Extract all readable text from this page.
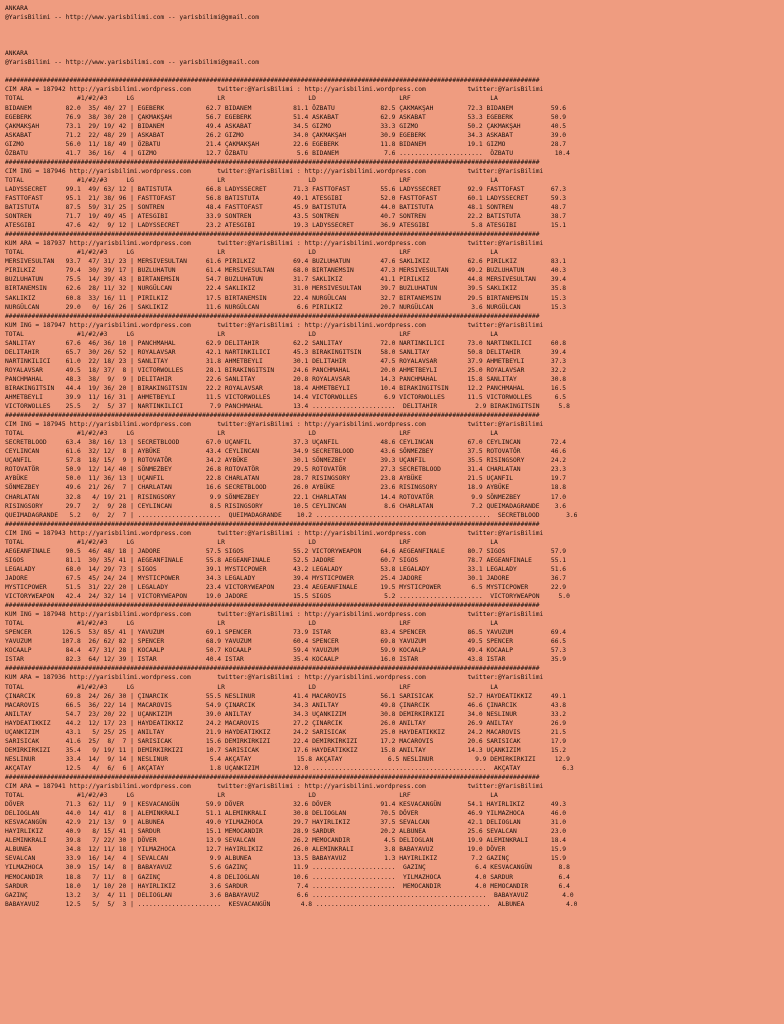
ANKARA
@YarisBilimi -- http://www.yarisbilimi.com -- yarisbilimi@gmail.com

ANKARA
@YarisBilimi -- http://www.yarisbilimi.com -- yarisbilimi@gmail.com

#############################################################################################################################################
CIM ARA = 187942 http://yarisbilimi.wordpress.com       twitter:@YarisBilimi : http://yarisbilimi.wordpress.com           twitter:@YarisBilimi
TOTAL              #1/#2/#3     LG                      LR                      LD                      LRF                     LA
BIDANEM         82.0  35/ 40/ 27 | EGEBERK           62.7 BIDANEM           81.1 ÖZBATU            82.5 ÇAKMAKŞAH         72.3 BIDANEM          59.6
EGEBERK         76.9  38/ 30/ 20 | ÇAKMAKŞAH         56.7 EGEBERK           51.4 ASKABAT           62.9 ASKABAT           53.3 EGEBERK          50.9
ÇAKMAKŞAH       73.1  29/ 19/ 42 | BIDANEM           49.4 ASKABAT           34.5 GIZMO             33.3 GIZMO             50.2 ÇAKMAKŞAH        40.5
ASKABAT         71.2  22/ 48/ 29 | ASKABAT           26.2 GIZMO             34.0 ÇAKMAKŞAH         30.9 EGEBERK           34.3 ASKABAT          39.0
GIZMO           56.0  11/ 18/ 49 | ÖZBATU            21.4 ÇAKMAKŞAH         22.6 EGEBERK           11.8 BIDANEM           19.1 GIZMO            28.7
ÖZBATU          41.7  36/ 16/  4 | GIZMO             12.7 ÖZBATU             5.6 BIDANEM            7.6 ......................  ÖZBATU           10.4
#############################################################################################################################################
CIM ING = 187946 http://yarisbilimi.wordpress.com       twitter:@YarisBilimi : http://yarisbilimi.wordpress.com           twitter:@YarisBilimi
TOTAL              #1/#2/#3     LG                      LR                      LD                      LRF                     LA
LADYSSECRET     99.1  49/ 63/ 12 | BATISTUTA         66.8 LADYSSECRET       71.3 FASTTOFAST        55.6 LADYSSECRET       92.9 FASTTOFAST       67.3
FASTTOFAST      95.1  21/ 38/ 96 | FASTTOFAST        56.8 BATISTUTA         49.1 ATESGIBI          52.0 FASTTOFAST        60.1 LADYSSECRET      59.3
BATISTUTA       87.5  59/ 31/ 25 | SONTREN           48.4 FASTTOFAST        45.9 BATISTUTA         44.0 BATISTUTA         48.1 SONTREN          48.7
SONTREN         71.7  19/ 49/ 45 | ATESGIBI          33.9 SONTREN           43.5 SONTREN           40.7 SONTREN           22.2 BATISTUTA        38.7
ATESGIBI        47.6  42/  9/ 12 | LADYSSECRET       23.2 ATESGIBI          19.3 LADYSSECRET       36.9 ATESGIBI           5.8 ATESGIBI         15.1
#############################################################################################################################################
KUM ARA = 187937 http://yarisbilimi.wordpress.com       twitter:@YarisBilimi : http://yarisbilimi.wordpress.com           twitter:@YarisBilimi
TOTAL              #1/#2/#3     LG                      LR                      LD                      LRF                     LA
MERSIVESULTAN   93.7  47/ 31/ 23 | MERSIVESULTAN     61.6 PIRILKIZ          69.4 BUZLUHATUN        47.6 SAKLIKIZ          62.6 PIRILKIZ         83.1
PIRILKIZ        79.4  30/ 39/ 17 | BUZLUHATUN        61.4 MERSIVESULTAN     68.0 BIRTANEMSIN       47.3 MERSIVESULTAN     49.2 BUZLUHATUN       40.3
BUZLUHATUN      75.5  14/ 39/ 43 | BIRTANEMSIN       54.7 BUZLUHATUN        31.7 SAKLIKIZ          41.1 PIRILKIZ          44.8 MERSIVESULTAN    39.4
BIRTANEMSIN     62.6  28/ 11/ 32 | NURGÜLCAN         22.4 SAKLIKIZ          31.0 MERSIVESULTAN     39.7 BUZLUHATUN        39.5 SAKLIKIZ         35.8
SAKLIKIZ        60.8  33/ 16/ 11 | PIRILKIZ          17.5 BIRTANEMSIN       22.4 NURGÜLCAN         32.7 BIRTANEMSIN       29.5 BIRTANEMSIN      15.3
NURGÜLCAN       29.0   0/ 16/ 26 | SAKLIKIZ          11.6 NURGÜLCAN          6.6 PIRILKIZ          20.7 NURGÜLCAN          3.6 NURGÜLCAN        15.3
#############################################################################################################################################
KUM ING = 187947 http://yarisbilimi.wordpress.com       twitter:@YarisBilimi : http://yarisbilimi.wordpress.com           twitter:@YarisBilimi
TOTAL              #1/#2/#3     LG                      LR                      LD                      LRF                     LA
SANLITAY        67.6  46/ 36/ 10 | PANCHMAHAL        62.9 DELITAHIR         62.2 SANLITAY          72.0 NARTINKILICI      73.0 NARTINKILICI     60.8
DELITAHIR       65.7  30/ 26/ 52 | ROYALAVSAR        42.1 NARTINKILICI      45.3 BIRAKINGITSIN     58.0 SANLITAY          50.8 DELITAHIR        39.4
NARTINKILICI    61.0  22/ 18/ 23 | SANLITAY          31.8 AHMETBEYLI        30.1 DELITAHIR         47.5 ROYALAVSAR        37.9 AHMETBEYLI       37.3
ROYALAVSAR      49.5  18/ 37/  8 | VICTORWOLLES      28.1 BIRAKINGITSIN     24.6 PANCHMAHAL        20.0 AHMETBEYLI        25.0 ROYALAVSAR       32.2
PANCHMAHAL      48.3  38/  9/  9 | DELITAHIR         22.6 SANLITAY          20.8 ROYALAVSAR        14.3 PANCHMAHAL        15.8 SANLITAY         30.8
BIRAKINGITSIN   44.4  19/ 36/ 20 | BIRAKINGITSIN     22.2 ROYALAVSAR        18.4 AHMETBEYLI        10.4 BIRAKINGITSIN     12.2 PANCHMAHAL       16.5
AHMETBEYLI      39.9  11/ 16/ 31 | AHMETBEYLI        11.5 VICTORWOLLES      14.4 VICTORWOLLES       6.9 VICTORWOLLES      11.5 VICTORWOLLES      6.5
VICTORWOLLES    25.5   2/  5/ 37 | NARTINKILICI       7.9 PANCHMAHAL        13.4 ......................  DELITAHIR          2.9 BIRAKINGITSIN     5.8
#############################################################################################################################################
CIM ING = 187945 http://yarisbilimi.wordpress.com       twitter:@YarisBilimi : http://yarisbilimi.wordpress.com           twitter:@YarisBilimi
TOTAL              #1/#2/#3     LG                      LR                      LD                      LRF                     LA
SECRETBLOOD     63.4  38/ 16/ 13 | SECRETBLOOD       67.0 UÇANFIL           37.3 UÇANFIL           48.6 CEYLINCAN         67.0 CEYLINCAN        72.4
CEYLINCAN       61.6  32/ 12/  8 | AYBÜKE            43.4 CEYLINCAN         34.9 SECRETBLOOD       43.6 SÖNMEZBEY         37.5 ROTOVATÖR        46.6
UÇANFIL         57.8  18/ 15/  9 | ROTOVATÖR         34.2 AYBÜKE            30.1 SÖNMEZBEY         39.3 UÇANFIL           35.5 RISINGSORY       24.2
ROTOVATÖR       50.9  12/ 14/ 40 | SÖNMEZBEY         26.8 ROTOVATÖR         29.5 ROTOVATÖR         27.3 SECRETBLOOD       31.4 CHARLATAN        23.3
AYBÜKE          50.0  11/ 36/ 13 | UÇANFIL           22.8 CHARLATAN         28.7 RISINGSORY        23.8 AYBÜKE            21.5 UÇANFIL          19.7
SÖNMEZBEY       49.6  21/ 26/  7 | CHARLATAN         16.6 SECRETBLOOD       26.0 AYBÜKE            23.6 RISINGSORY        18.9 AYBÜKE           18.8
CHARLATAN       32.8   4/ 19/ 21 | RISINGSORY         9.9 SÖNMEZBEY         22.1 CHARLATAN         14.4 ROTOVATÖR          9.9 SÖNMEZBEY        17.0
RISINGSORY      29.7   2/  9/ 28 | CEYLINCAN          8.5 RISINGSORY        10.5 CEYLINCAN          8.6 CHARLATAN          7.2 QUEIMADAGRANDE    3.6
QUEIMADAGRANDE   5.2   0/  2/  7 | ......................  QUEIMADAGRANDE    10.2 ..............................................  SECRETBLOOD       3.6
#############################################################################################################################################
CIM ING = 187943 http://yarisbilimi.wordpress.com       twitter:@YarisBilimi : http://yarisbilimi.wordpress.com           twitter:@YarisBilimi
TOTAL              #1/#2/#3     LG                      LR                      LD                      LRF                     LA
AEGEANFINALE    90.5  46/ 48/ 18 | JADORE            57.5 SIGOS             55.2 VICTORYWEAPON     64.6 AEGEANFINALE      80.7 SIGOS            57.9
SIGOS           81.1  30/ 35/ 41 | AEGEANFINALE      55.8 AEGEANFINALE      52.5 JADORE            60.7 SIGOS             78.7 AEGEANFINALE     55.1
LEGALADY        68.0  14/ 29/ 73 | SIGOS             39.1 MYSTICPOWER       43.2 LEGALADY          53.8 LEGALADY          33.1 LEGALADY         51.6
JADORE          67.5  45/ 24/ 24 | MYSTICPOWER       34.3 LEGALADY          39.4 MYSTICPOWER       25.4 JADORE            30.1 JADORE           36.7
MYSTICPOWER     51.5  31/ 22/ 20 | LEGALADY          23.4 VICTORYWEAPON     23.4 AEGEANFINALE      19.5 MYSTICPOWER        6.5 MYSTICPOWER      22.9
VICTORYWEAPON   42.4  24/ 32/ 14 | VICTORYWEAPON     19.0 JADORE            15.5 SIGOS              5.2 ......................  VICTORYWEAPON     5.0
#############################################################################################################################################
KUM ING = 187948 http://yarisbilimi.wordpress.com       twitter:@YarisBilimi : http://yarisbilimi.wordpress.com           twitter:@YarisBilimi
TOTAL              #1/#2/#3     LG                      LR                      LD                      LRF                     LA
SPENCER        126.5  53/ 85/ 41 | YAVUZUM           69.1 SPENCER           73.9 ISTAR             83.4 SPENCER           86.5 YAVUZUM          69.4
YAVUZUM        107.8  26/ 62/ 82 | SPENCER           68.9 YAVUZUM           60.4 SPENCER           69.8 YAVUZUM           49.5 SPENCER          66.5
KOCAALP         84.4  47/ 31/ 28 | KOCAALP           50.7 KOCAALP           59.4 YAVUZUM           59.9 KOCAALP           49.4 KOCAALP          57.3
ISTAR           82.3  64/ 12/ 39 | ISTAR             40.4 ISTAR             35.4 KOCAALP           16.0 ISTAR             43.8 ISTAR            35.9
#############################################################################################################################################
KUM ARA = 187936 http://yarisbilimi.wordpress.com       twitter:@YarisBilimi : http://yarisbilimi.wordpress.com           twitter:@YarisBilimi
TOTAL              #1/#2/#3     LG                      LR                      LD                      LRF                     LA
ÇINARCIK        69.8  24/ 26/ 30 | ÇINARCIK          55.5 NESLINUR          41.4 MACAROVIS         56.1 SARISICAK         52.7 HAYDEATIKKIZ     49.1
MACAROVIS       66.5  36/ 22/ 14 | MACAROVIS         54.9 ÇINARCIK          34.3 ANILTAY           49.8 ÇINARCIK          46.6 ÇINARCIK         43.8
ANILTAY         54.7  23/ 20/ 22 | UÇANKIZIM         39.0 ANILTAY           34.3 UÇANKIZIM         30.8 DEMIRKIRKIZI      34.0 NESLINUR         33.2
HAYDEATIKKIZ    44.2  12/ 17/ 23 | HAYDEATIKKIZ      24.2 MACAROVIS         27.2 ÇINARCIK          26.0 ANILTAY           26.9 ANILTAY          26.9
UÇANKIZIM       43.1   5/ 25/ 25 | ANILTAY           21.9 HAYDEATIKKIZ      24.2 SARISICAK         25.0 HAYDEATIKKIZ      24.2 MACAROVIS        21.5
SARISICAK       41.6  25/  8/  7 | SARISICAK         15.6 DEMIRKIRKIZI      22.4 DEMIRKIRKIZI      17.2 MACAROVIS         20.6 SARISICAK        17.9
DEMIRKIRKIZI    35.4   9/ 19/ 11 | DEMIRKIRKIZI      10.7 SARISICAK         17.6 HAYDEATIKKIZ      15.8 ANILTAY           14.3 UÇANKIZIM        15.2
NESLINUR        33.4  14/  9/ 14 | NESLINUR           5.4 AKÇATAY            15.8 AKÇATAY            6.5 NESLINUR           9.9 DEMIRKIRKIZI     12.9
AKÇATAY         12.5   4/  6/  6 | AKÇATAY            1.8 UÇANKIZIM         12.0 ..............................................  AKÇATAY           6.3
#############################################################################################################################################
CIM ARA = 187941 http://yarisbilimi.wordpress.com       twitter:@YarisBilimi : http://yarisbilimi.wordpress.com           twitter:@YarisBilimi
TOTAL              #1/#2/#3     LG                      LR                      LD                      LRF                     LA
DÖVER           71.3  62/ 11/  9 | KESVACANGÜN       59.9 DÖVER             32.6 DÖVER             91.4 KESVACANGÜN       54.1 HAYIRLIKIZ       49.3
DELIOGLAN       44.0  14/ 41/  8 | ALEMINKRALI       51.1 ALEMINKRALI       30.8 DELIOGLAN         70.5 DÖVER             46.9 YILMAZHOCA       46.0
KESVACANGÜN     42.9  21/ 13/  9 | ALBUNEA           49.0 YILMAZHOCA        29.7 HAYIRLIKIZ        37.5 SEVALCAN          42.1 DELIOGLAN        31.0
HAYIRLIKIZ      40.9   8/ 15/ 41 | SARDUR            15.1 MEMOCANDIR        28.9 SARDUR            20.2 ALBUNEA           25.6 SEVALCAN         23.0
ALEMINKRALI     39.8   7/ 22/ 30 | DÖVER             13.9 SEVALCAN          26.2 MEMOCANDIR         4.5 DELIOGLAN         19.9 ALEMINKRALI      18.4
ALBUNEA         34.8  12/ 11/ 18 | YILMAZHOCA        12.7 HAYIRLIKIZ        26.0 ALEMINKRALI        3.8 BABAYAVUZ         19.0 DÖVER            15.9
SEVALCAN        33.9  16/ 14/  4 | SEVALCAN           9.9 ALBUNEA           13.5 BABAYAVUZ          1.3 HAYIRLIKIZ         7.2 GAZINÇ           15.9
YILMAZHOCA      30.9  15/ 14/  8 | BABAYAVUZ          5.6 GAZINÇ            11.9 ......................  GAZINÇ             6.4 KESVACANGÜN       8.8
MEMOCANDIR      18.8   7/ 11/  8 | GAZINÇ             4.8 DELIOGLAN         10.6 ......................  YILMAZHOCA         4.0 SARDUR            6.4
SARDUR          18.0   1/ 10/ 20 | HAYIRLIKIZ         3.6 SARDUR             7.4 ......................  MEMOCANDIR         4.0 MEMOCANDIR        6.4
GAZINÇ          13.2   3/  4/ 11 | DELIOGLAN          3.6 BABAYAVUZ          6.6 ..............................................  BABAYAVUZ         4.0
BABAYAVUZ       12.5   5/  5/  3 | ......................  KESVACANGÜN        4.8 ..............................................  ALBUNEA           4.0
